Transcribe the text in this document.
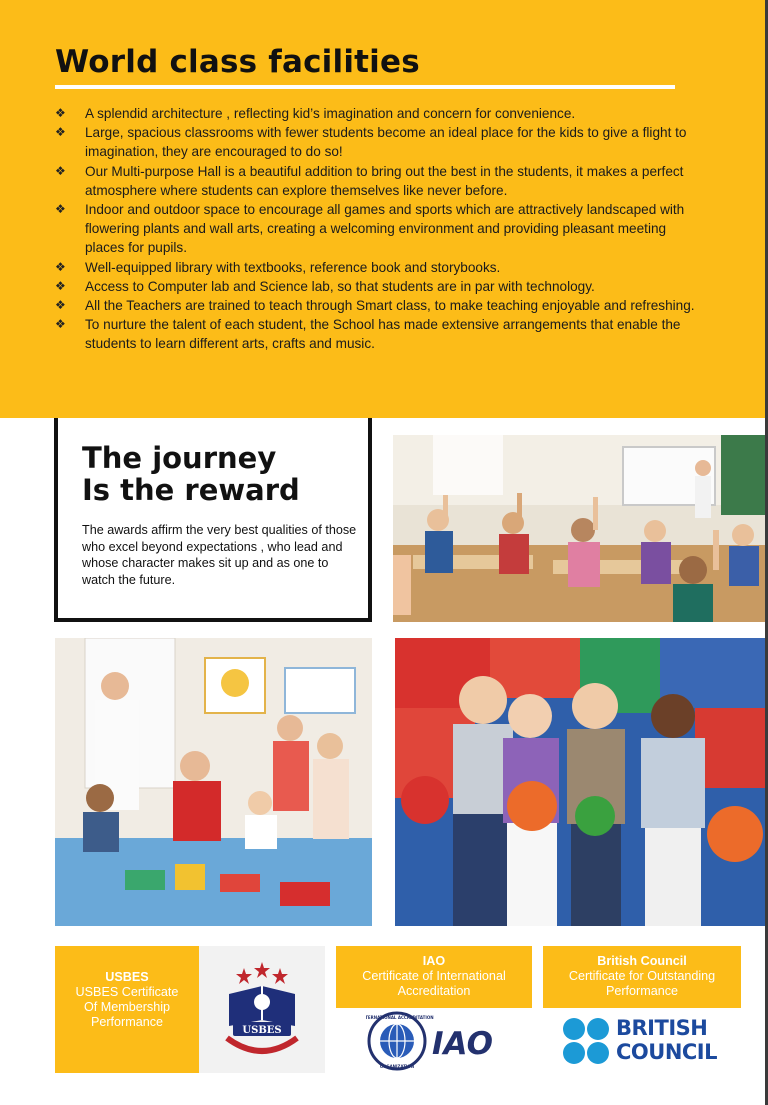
World class facilities
❖ A splendid architecture , reflecting kid’s imagination and concern for convenience.
❖ Large, spacious classrooms with fewer students become an ideal place for the kids to give a flight to imagination, they are encouraged to do so!
❖ Our Multi-purpose Hall is a beautiful addition to bring out the best in the students, it makes a perfect atmosphere where students can explore themselves like never before.
❖ Indoor and outdoor space to encourage all games and sports which are attractively landscaped with flowering plants and wall arts, creating a welcoming environment and providing pleasant meeting places for pupils.
❖ Well-equipped library with textbooks, reference book and storybooks.
❖ Access to Computer lab and Science lab, so that students are in par with technology.
❖ All the Teachers are trained to teach through Smart class, to make teaching enjoyable and refreshing.
❖ To nurture the talent of each student, the School has made extensive arrangements that enable the students to learn different arts, crafts and music.
The journey
Is the reward

The awards affirm the very best qualities of those who excel beyond expectations , who lead and whose character makes sit up and as one to watch the future.

USBES
USBES Certificate
Of Membership
Performance
USBES
IAO
Certificate of International
Accreditation
INTERNATIONAL ACCREDITATION
ORGANIZATION
IAO
British Council
Certificate for Outstanding
Performance
BRITISH
COUNCIL
